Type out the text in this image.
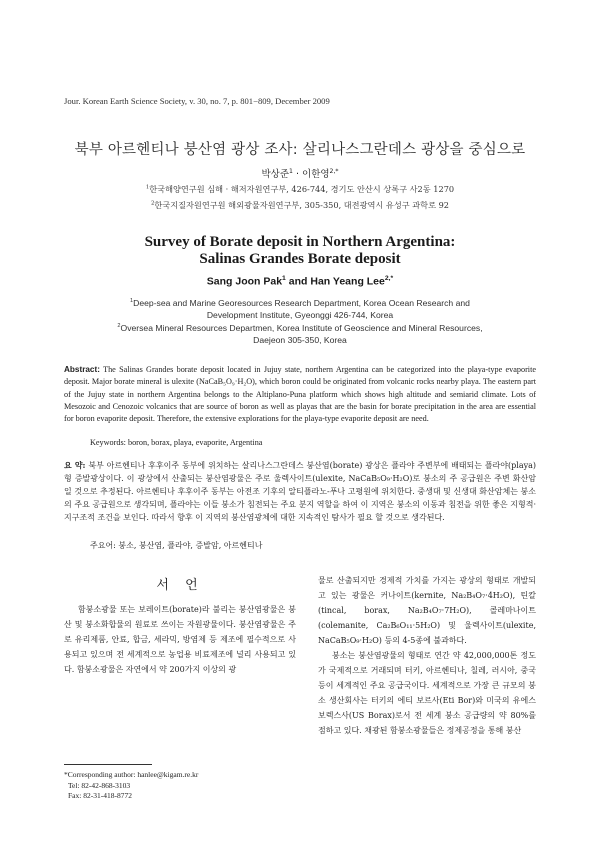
Jour. Korean Earth Science Society, v. 30, no. 7, p. 801−809, December 2009
북부 아르헨티나 붕산염 광상 조사: 살리나스그란데스 광상을 중심으로
박상준$^1$ · 이한영$^{2,*}$
$^1$한국해양연구원 심해 · 해저자원연구부, 426-744, 경기도 안산시 상록구 사2동 1270
$^2$한국지질자원연구원 해외광물자원연구부, 305-350, 대전광역시 유성구 과학로 92
Survey of Borate deposit in Northern Argentina:
Salinas Grandes Borate deposit
Sang Joon Pak$^1$ and Han Yeang Lee$^{2,*}$
$^1$Deep-sea and Marine Georesources Research Department, Korea Ocean Research and
Development Institute, Gyeonggi 426-744, Korea
$^2$Oversea Mineral Resources Departmen, Korea Institute of Geoscience and Mineral Resources,
Daejeon 305-350, Korea
Abstract: The Salinas Grandes borate deposit located in Jujuy state, northern Argentina can be categorized into the playa-type evaporite deposit. Major borate mineral is ulexite (NaCaB₅O₉·H₂O), which boron could be originated from volcanic rocks nearby playa. The eastern part of the Jujuy state in northern Argentina belongs to the Altiplano-Puna platform which shows high altitude and semiarid climate. Lots of Mesozoic and Cenozoic volcanics that are source of boron as well as playas that are the basin for borate precipitation in the area are essential for boron evaporite deposit. Therefore, the extensive explorations for the playa-type evaporite deposit are need.
Keywords: boron, borax, playa, evaporite, Argentina
요 약: 북부 아르헨티나 후후이주 동부에 위치하는 살리나스그란데스 붕산염(borate) 광상은 플라야 주변부에 배태되는 플라야(playa)형 증발광상이다. 이 광상에서 산출되는 붕산염광물은 주로 울렉사이트(ulexite, NaCaB₅O₉·H₂O)로 붕소의 주 공급원은 주변 화산암일 것으로 추정된다. 아르헨티나 후후이주 동부는 아전조 기후의 알티플라노-푸나 고평원에 위치한다. 중생대 및 신생대 화산암체는 붕소의 주요 공급원으로 생각되며, 플라야는 이들 붕소가 침전되는 주요 분지 역할을 하여 이 지역은 붕소의 이동과 침전을 위한 좋은 지형적·지구조적 조건을 보인다. 따라서 향후 이 지역의 붕산염광체에 대한 지속적인 탐사가 필요 할 것으로 생각된다.
주요어: 붕소, 붕산염, 플라야, 증발암, 아르헨티나
서 언

함붕소광물 또는 보레이트(borate)라 불리는 붕산염광물은 붕산 및 붕소화합물의 원료로 쓰이는 자원광물이다. 붕산염광물은 주로 유리제품, 안료, 합금, 세라믹, 방염제 등 제조에 필수적으로 사용되고 있으며 전 세계적으로 농업용 비료제조에 널리 사용되고 있다. 함붕소광물은 자연에서 약 200가지 이상의 광

물로 산출되지만 경제적 가치를 가지는 광상의 형태로 개발되고 있는 광물은 커나이트(kernite, Na₂B₄O₇·4H₂O), 틴칼(tincal, borax, Na₂B₄O₇·7H₂O), 콜레마나이트(colemanite, Ca₂B₆O₁₁·5H₂O) 및 울렉사이트(ulexite, NaCaB₅O₉·H₂O) 등의 4-5종에 불과하다.

붕소는 붕산염광물의 형태로 연간 약 42,000,000톤 정도가 국제적으로 거래되며 터키, 아르헨티나, 칠레, 러시아, 중국 등이 세계적인 주요 공급국이다. 세계적으로 가장 큰 규모의 붕소 생산회사는 터키의 에티 보르사(Eti Bor)와 미국의 유에스보렉스사(US Borax)로서 전 세계 붕소 공급량의 약 80%를 점하고 있다. 채광된 함붕소광물들은 정제공정을 통해 붕산

*Corresponding author: hanlee@kigam.re.kr
Tel: 82-42-868-3103
Fax: 82-31-418-8772
